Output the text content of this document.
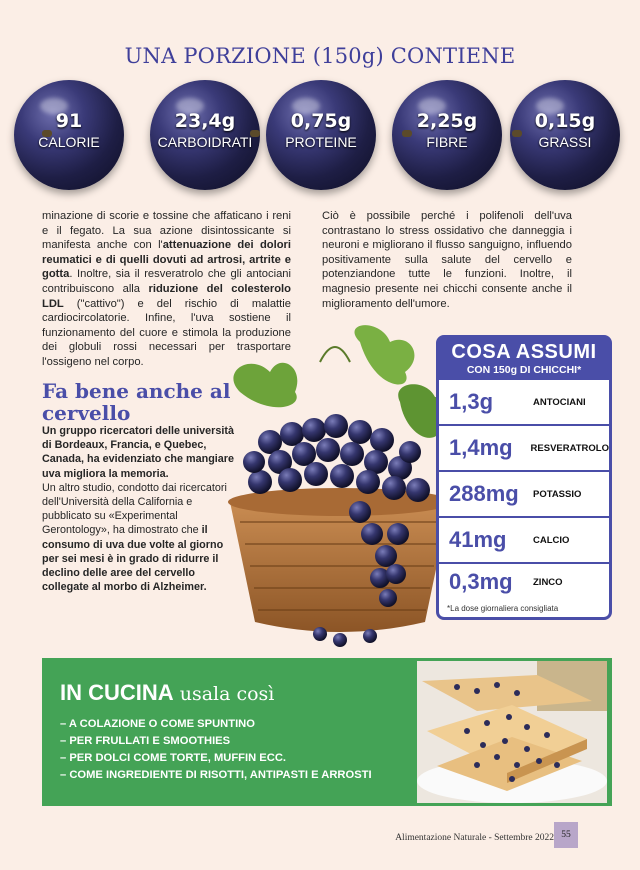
UNA PORZIONE (150g) CONTIENE
91
CALORIE
23,4g
CARBOIDRATI
0,75g
PROTEINE
2,25g
FIBRE
0,15g
GRASSI
minazione di scorie e tossine che affaticano i reni e il fegato. La sua azione disintossicante si manifesta anche con l'attenuazione dei dolori reumatici e di quelli dovuti ad artrosi, artrite e gotta. Inoltre, sia il resveratrolo che gli antociani contribuiscono alla riduzione del colesterolo LDL ("cattivo") e del rischio di malattie cardiocircolatorie. Infine, l'uva sostiene il funzionamento del cuore e stimola la produzione dei globuli rossi necessari per trasportare l'ossigeno nel corpo.
Ciò è possibile perché i polifenoli dell'uva contrastano lo stress ossidativo che danneggia i neuroni e migliorano il flusso sanguigno, influendo positivamente sulla salute del cervello e potenziandone tutte le funzioni. Inoltre, il magnesio presente nei chicchi consente anche il miglioramento dell'umore.
Fa bene anche al cervello

Un gruppo ricercatori delle università di Bordeaux, Francia, e Quebec, Canada, ha evidenziato che mangiare uva migliora la memoria.

Un altro studio, condotto dai ricercatori dell'Università della California e pubblicato su «Experimental Gerontology», ha dimostrato che il consumo di uva due volte al giorno per sei mesi è in grado di ridurre il declino delle aree del cervello collegate al morbo di Alzheimer.

COSA ASSUMI
CON 150g DI CHICCHI*
1,3g	ANTOCIANI
1,4mg	RESVERATROLO
288mg	POTASSIO
41mg	CALCIO
0,3mg	ZINCO
*La dose giornaliera consigliata
IN CUCINA usala così
– A COLAZIONE O COME SPUNTINO
– PER FRULLATI E SMOOTHIES
– PER DOLCI COME TORTE, MUFFIN ECC.
– COME INGREDIENTE DI RISOTTI, ANTIPASTI E ARROSTI
Alimentazione Naturale - Settembre 2022 55
